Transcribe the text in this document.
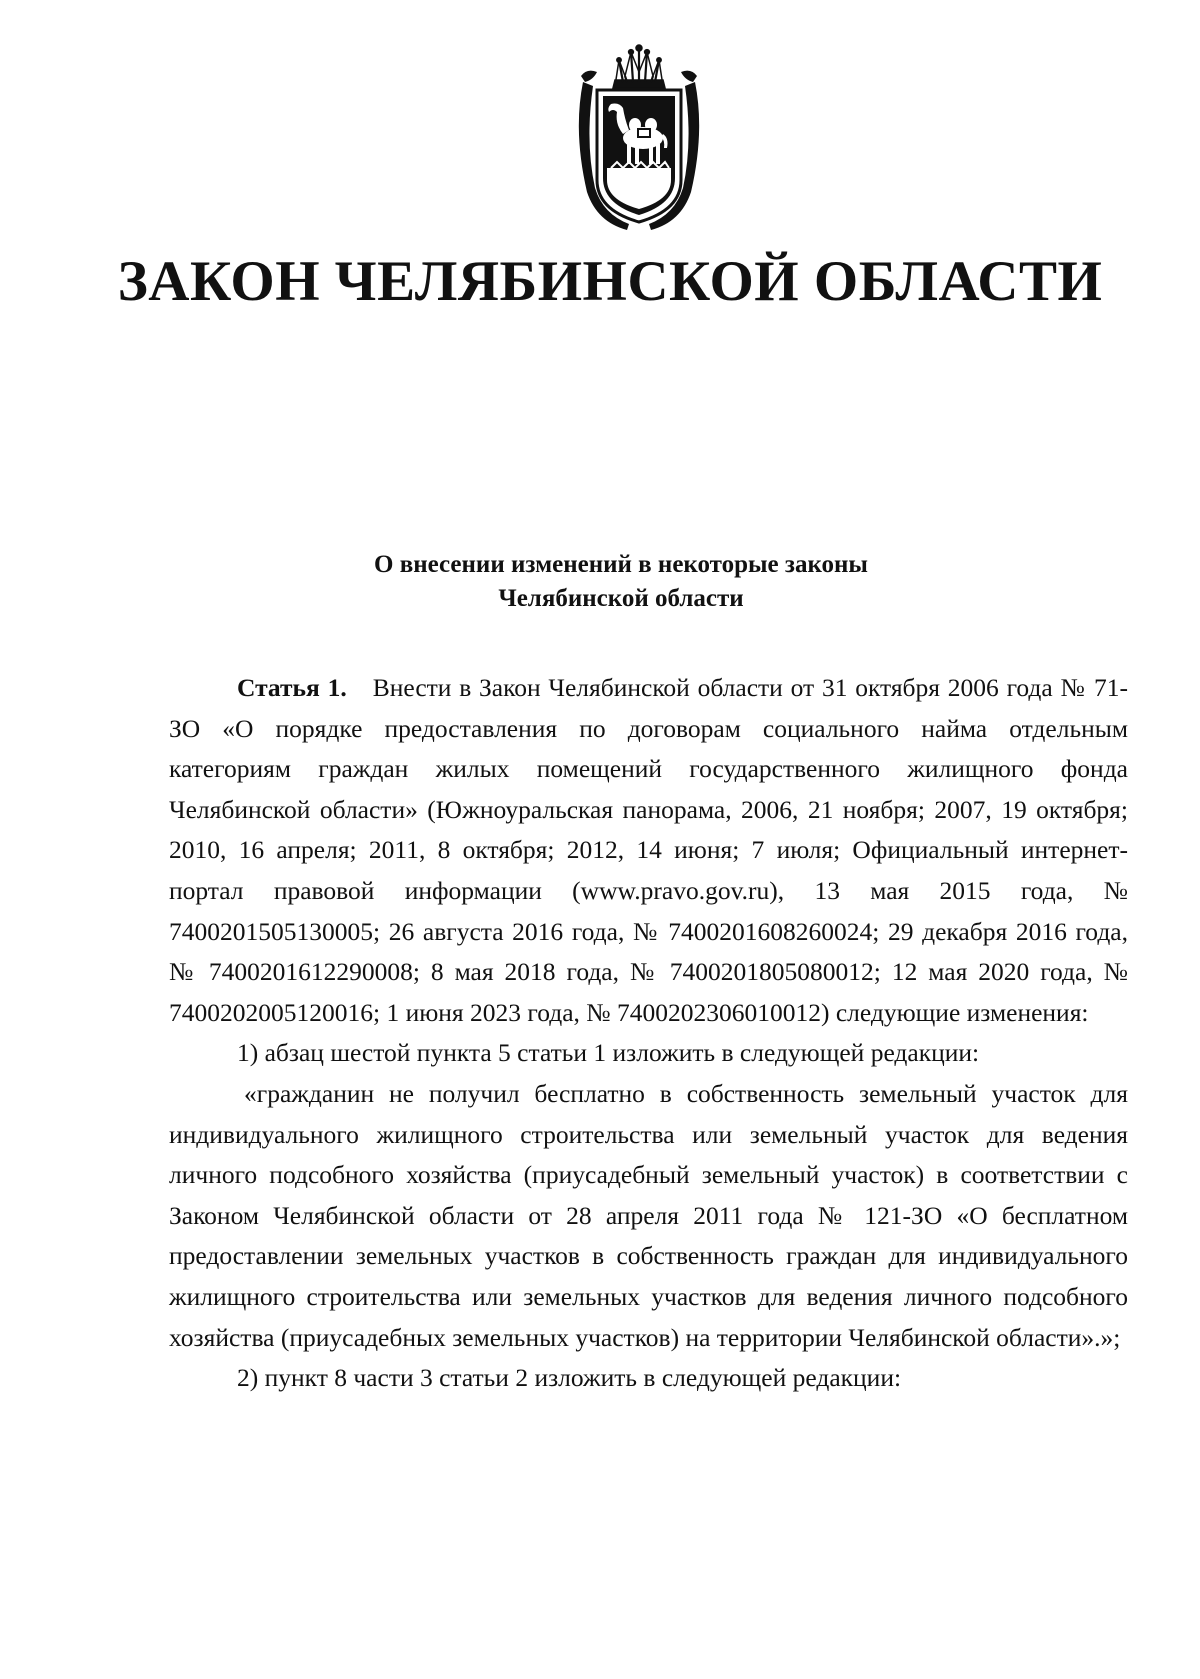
ЗАКОН ЧЕЛЯБИНСКОЙ ОБЛАСТИ
О внесении изменений в некоторые законы
Челябинской области

Статья 1. Внести в Закон Челябинской области от 31 октября 2006 года № 71-ЗО «О порядке предоставления по договорам социального найма отдельным категориям граждан жилых помещений государственного жилищного фонда Челябинской области» (Южноуральская панорама, 2006, 21 ноября; 2007, 19 октября; 2010, 16 апреля; 2011, 8 октября; 2012, 14 июня; 7 июля; Официальный интернет-портал правовой информации (www.pravo.gov.ru), 13 мая 2015 года, № 7400201505130005; 26 августа 2016 года, № 7400201608260024; 29 декабря 2016 года, № 7400201612290008; 8 мая 2018 года, № 7400201805080012; 12 мая 2020 года, № 7400202005120016; 1 июня 2023 года, № 7400202306010012) следующие изменения:

1) абзац шестой пункта 5 статьи 1 изложить в следующей редакции:

«гражданин не получил бесплатно в собственность земельный участок для индивидуального жилищного строительства или земельный участок для ведения личного подсобного хозяйства (приусадебный земельный участок) в соответствии с Законом Челябинской области от 28 апреля 2011 года № 121-ЗО «О бесплатном предоставлении земельных участков в собственность граждан для индивидуального жилищного строительства или земельных участков для ведения личного подсобного хозяйства (приусадебных земельных участков) на территории Челябинской области».»;

2) пункт 8 части 3 статьи 2 изложить в следующей редакции:
